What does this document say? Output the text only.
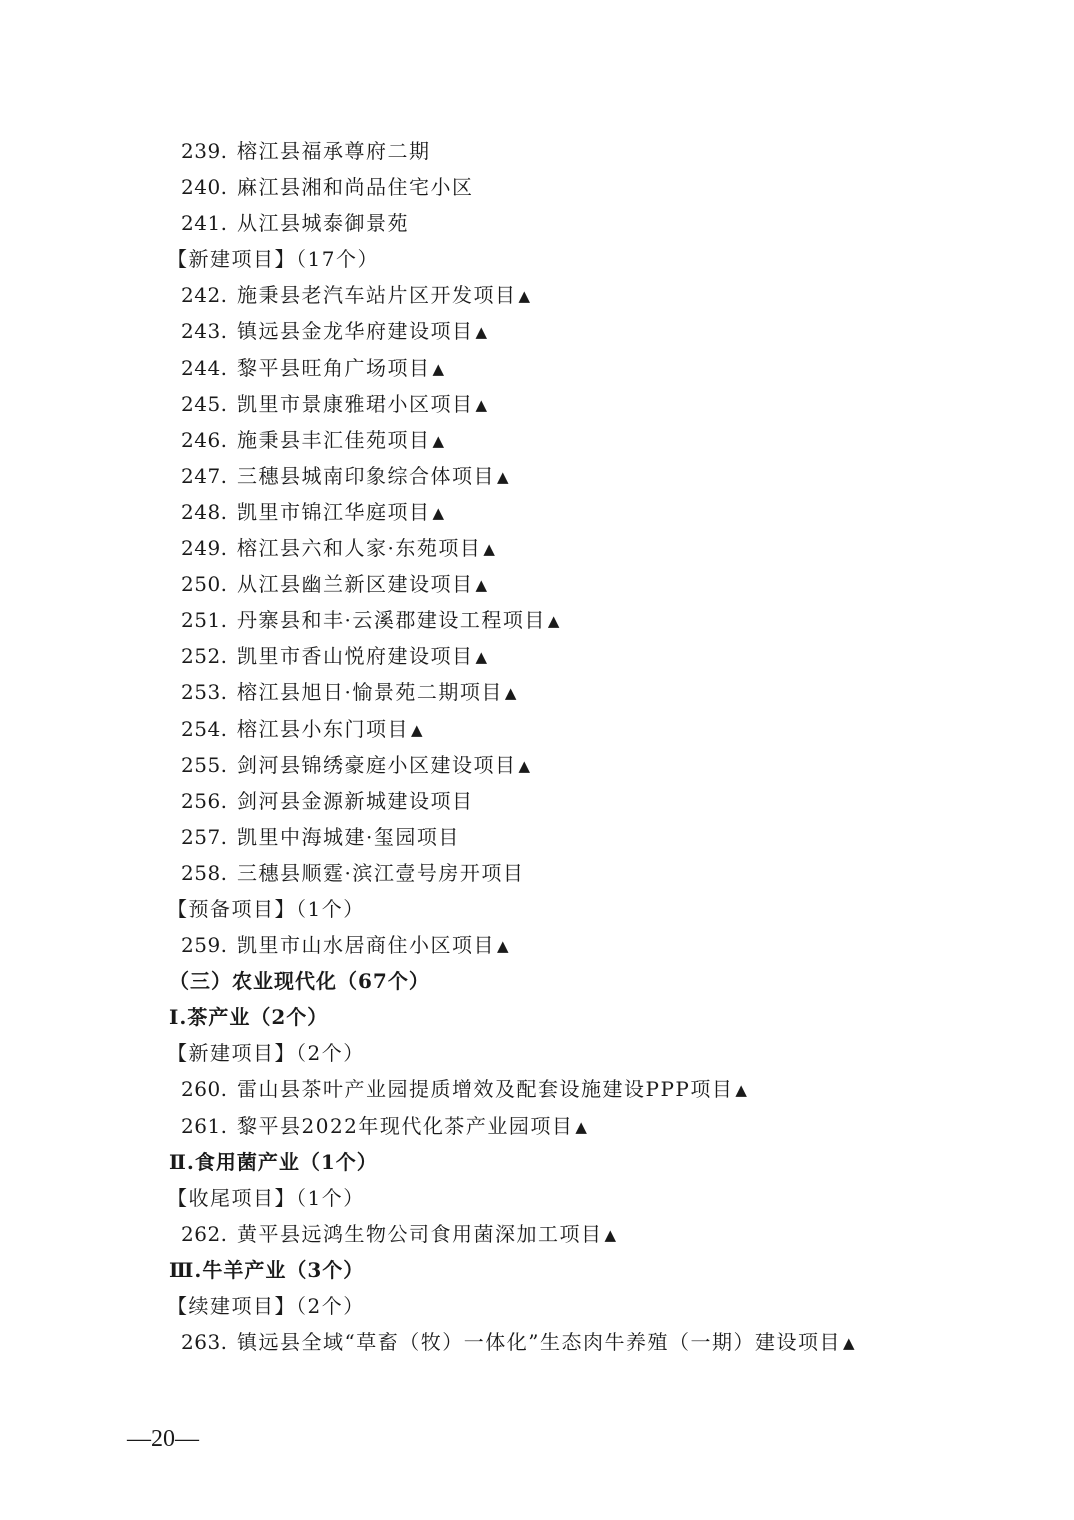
239. 榕江县福承尊府二期
240. 麻江县湘和尚品住宅小区
241. 从江县城泰御景苑
【新建项目】（17个）
242. 施秉县老汽车站片区开发项目 ▲
243. 镇远县金龙华府建设项目 ▲
244. 黎平县旺角广场项目 ▲
245. 凯里市景康雅珺小区项目 ▲
246. 施秉县丰汇佳苑项目 ▲
247. 三穗县城南印象综合体项目 ▲
248. 凯里市锦江华庭项目 ▲
249. 榕江县六和人家·东苑项目 ▲
250. 从江县幽兰新区建设项目 ▲
251. 丹寨县和丰·云溪郡建设工程项目 ▲
252. 凯里市香山悦府建设项目 ▲
253. 榕江县旭日·愉景苑二期项目 ▲
254. 榕江县小东门项目 ▲
255. 剑河县锦绣豪庭小区建设项目 ▲
256. 剑河县金源新城建设项目
257. 凯里中海城建·玺园项目
258. 三穗县顺霆·滨江壹号房开项目
【预备项目】（1个）
259. 凯里市山水居商住小区项目 ▲
（三）农业现代化（67个）
Ⅰ.茶产业（2个）
【新建项目】（2个）
260. 雷山县茶叶产业园提质增效及配套设施建设PPP项目 ▲
261. 黎平县2022年现代化茶产业园项目 ▲
Ⅱ.食用菌产业（1个）
【收尾项目】（1个）
262. 黄平县远鸿生物公司食用菌深加工项目 ▲
Ⅲ.牛羊产业（3个）
【续建项目】（2个）
263. 镇远县全域“草畜（牧）一体化”生态肉牛养殖（一期）建设项目 ▲
—20—
